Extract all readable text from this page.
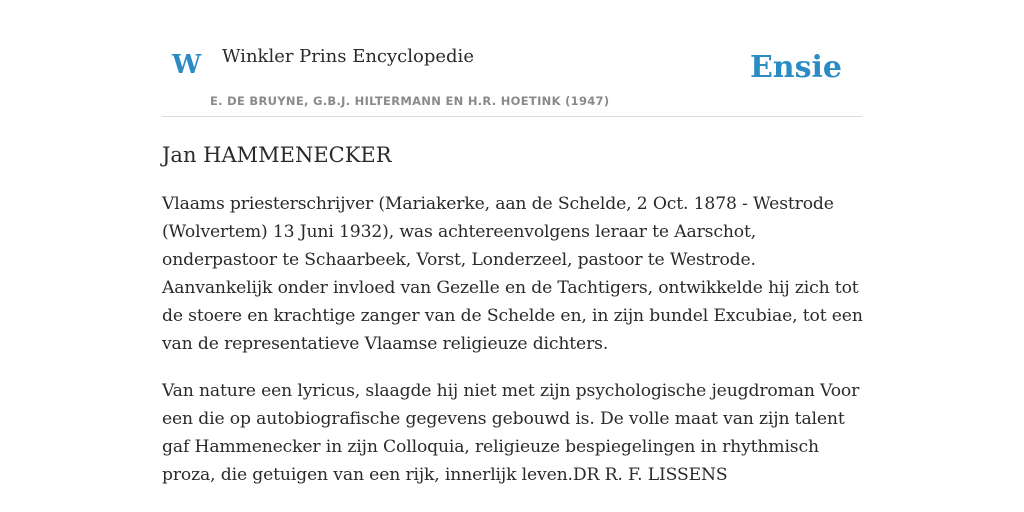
W Winkler Prins Encyclopedie
E. DE BRUYNE, G.B.J. HILTERMANN EN H.R. HOETINK (1947)
Ensie
Jan HAMMENECKER

Vlaams priesterschrijver (Mariakerke, aan de Schelde, 2 Oct. 1878 - Westrode (Wolvertem) 13 Juni 1932), was achtereenvolgens leraar te Aarschot, onderpastoor te Schaarbeek, Vorst, Londerzeel, pastoor te Westrode. Aanvankelijk onder invloed van Gezelle en de Tachtigers, ontwikkelde hij zich tot de stoere en krachtige zanger van de Schelde en, in zijn bundel Excubiae, tot een van de representatieve Vlaamse religieuze dichters.

Van nature een lyricus, slaagde hij niet met zijn psychologische jeugdroman Voor een die op autobiografische gegevens gebouwd is. De volle maat van zijn talent gaf Hammenecker in zijn Colloquia, religieuze bespiegelingen in rhythmisch proza, die getuigen van een rijk, innerlijk leven.DR R. F. LISSENS
